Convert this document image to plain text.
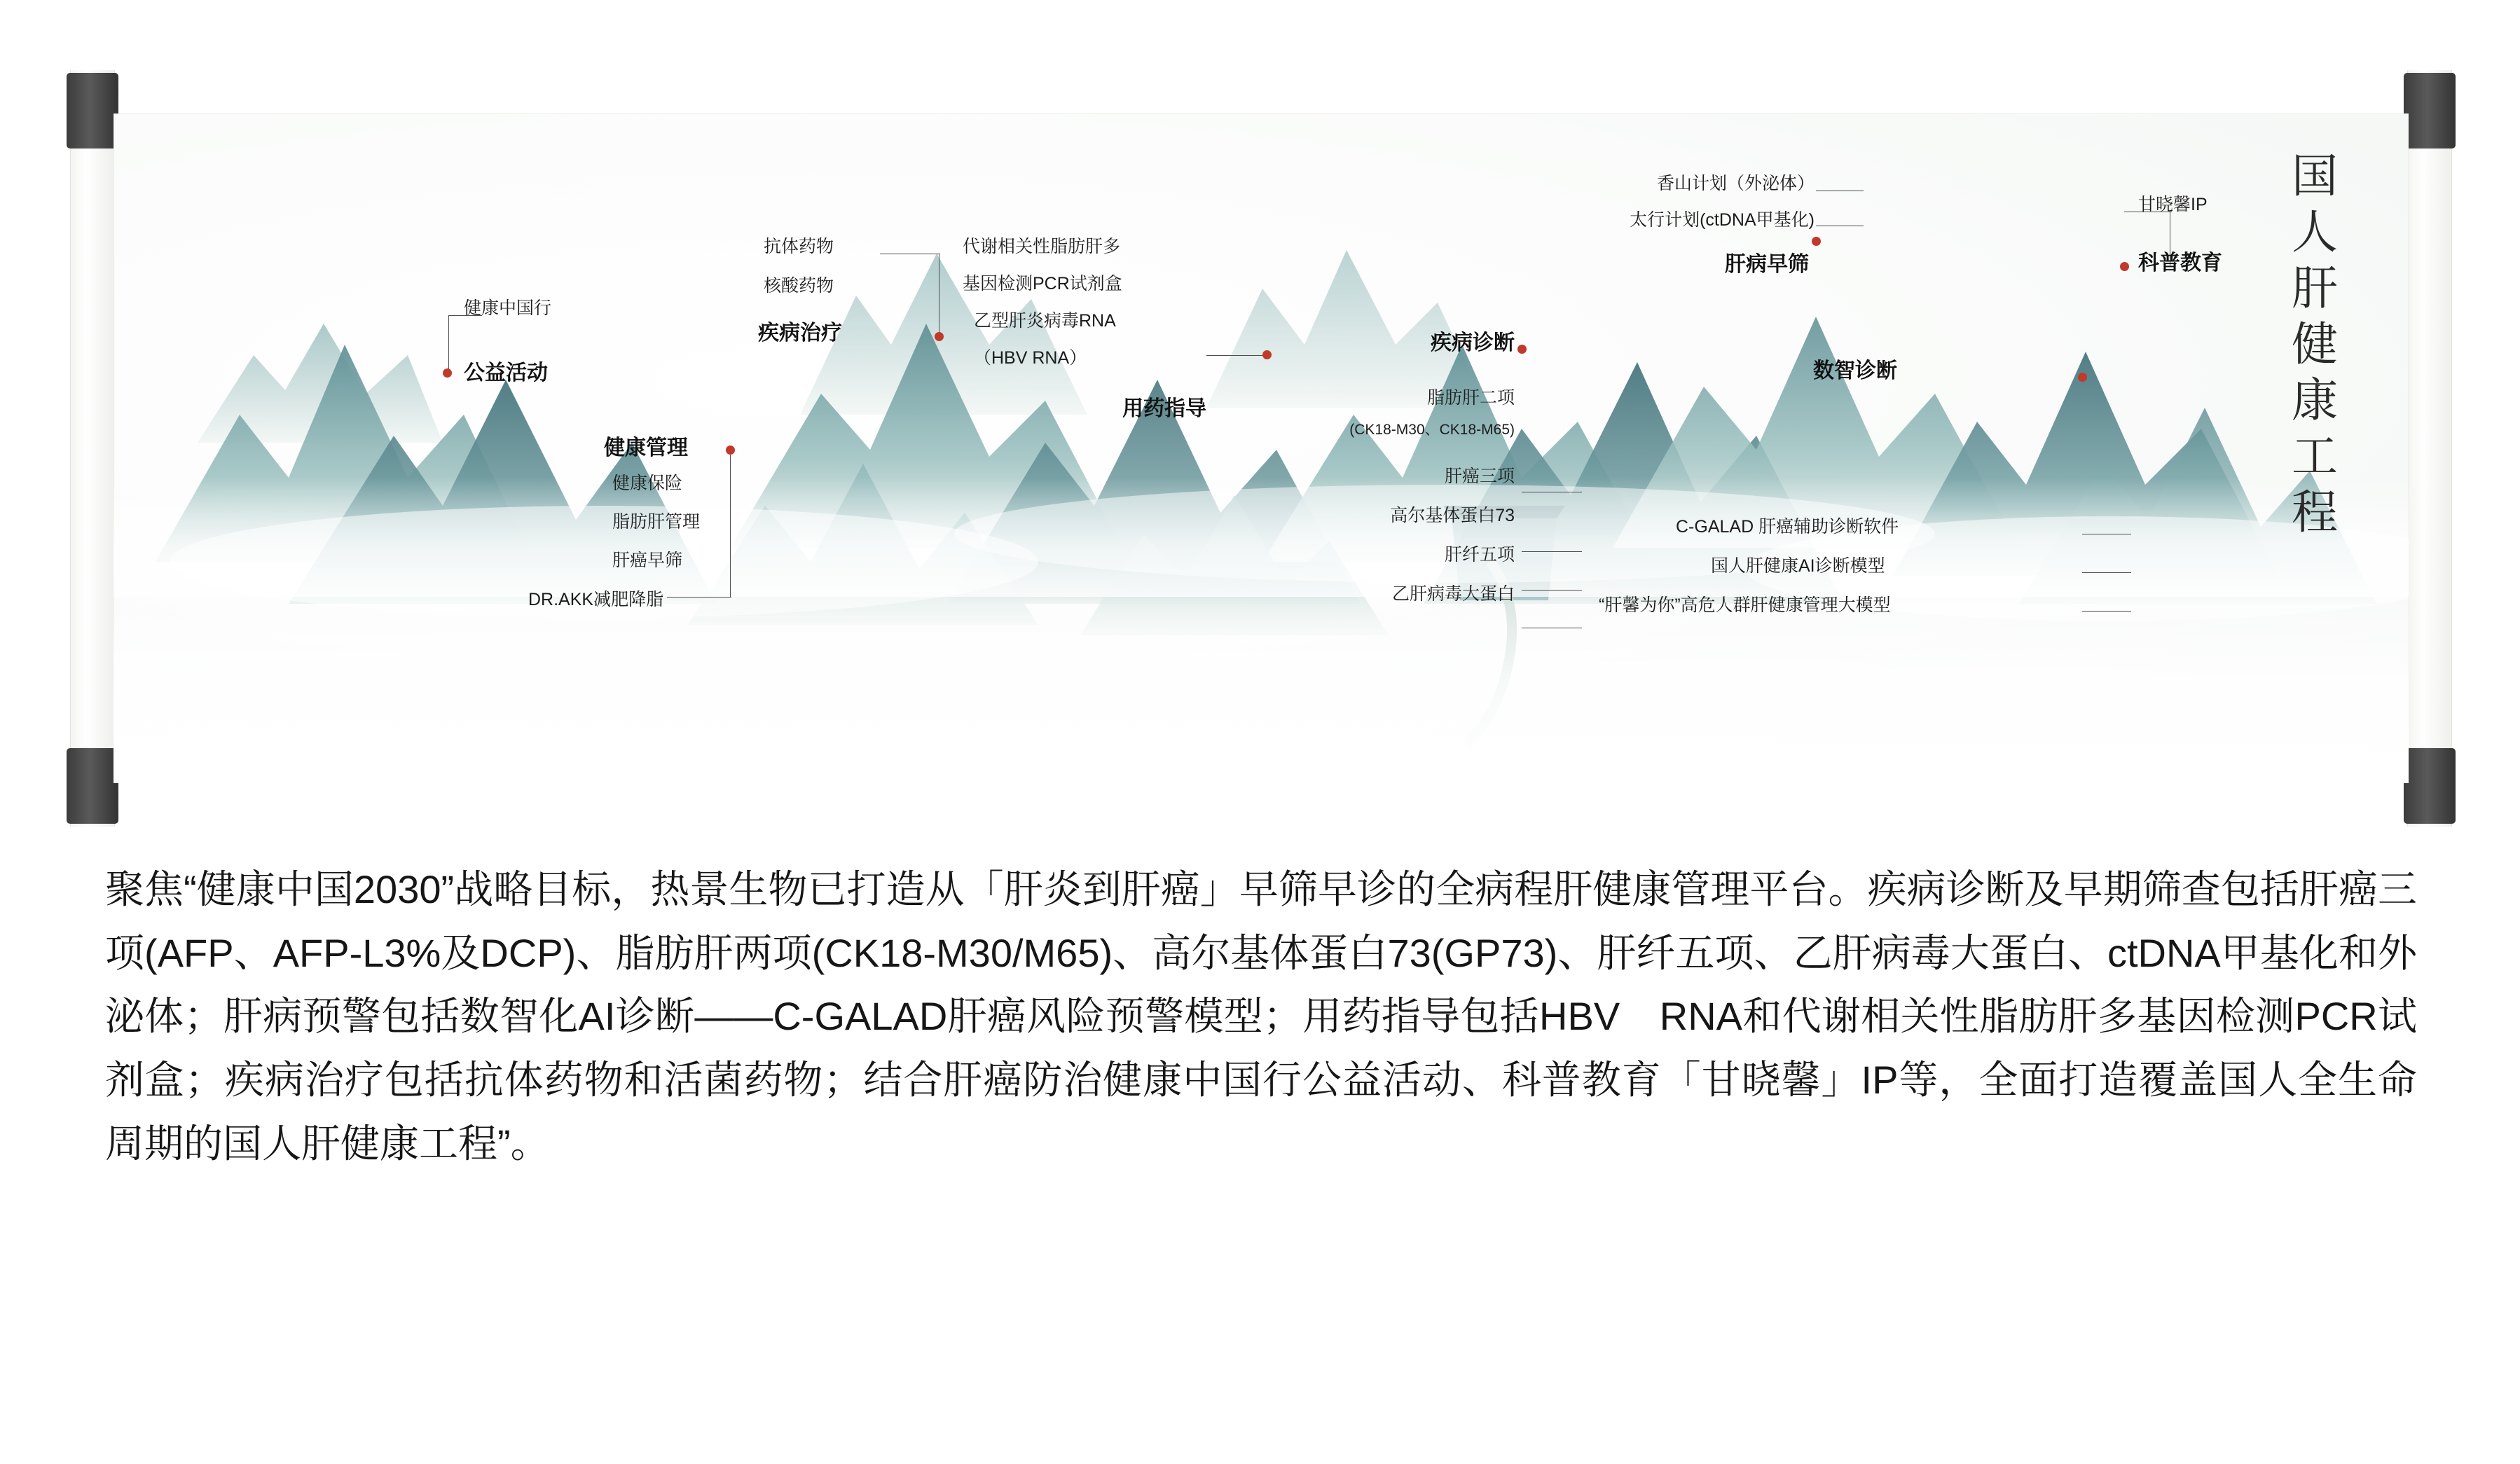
健康中国行
公益活动
健康管理
健康保险
脂肪肝管理
肝癌早筛
DR.AKK减肥降脂
抗体药物
核酸药物
疾病治疗
代谢相关性脂肪肝多
基因检测PCR试剂盒
乙型肝炎病毒RNA
（HBV RNA）
用药指导
疾病诊断
脂肪肝二项
(CK18-M30、CK18-M65)
肝癌三项
高尔基体蛋白73
肝纤五项
乙肝病毒大蛋白
香山计划（外泌体）
太行计划(ctDNA甲基化)
肝病早筛
数智诊断
C-GALAD 肝癌辅助诊断软件
国人肝健康AI诊断模型
“肝馨为你”高危人群肝健康管理大模型
甘晓馨IP
科普教育
国
人
肝
健
康
工
程

聚焦“健康中国2030”战略目标，热景生物已打造从「肝炎到肝癌」早筛早诊的全病程肝健康管理平台。疾病诊断及早期筛查包括肝癌三项(AFP、AFP-L3%及DCP)、脂肪肝两项(CK18-M30/M65)、高尔基体蛋白73(GP73)、肝纤五项、乙肝病毒大蛋白、ctDNA甲基化和外泌体；肝病预警包括数智化AI诊断——C-GALAD肝癌风险预警模型；用药指导包括HBV　RNA和代谢相关性脂肪肝多基因检测PCR试剂盒；疾病治疗包括抗体药物和活菌药物；结合肝癌防治健康中国行公益活动、科普教育「甘晓馨」IP等，全面打造覆盖国人全生命周期的国人肝健康工程”。
